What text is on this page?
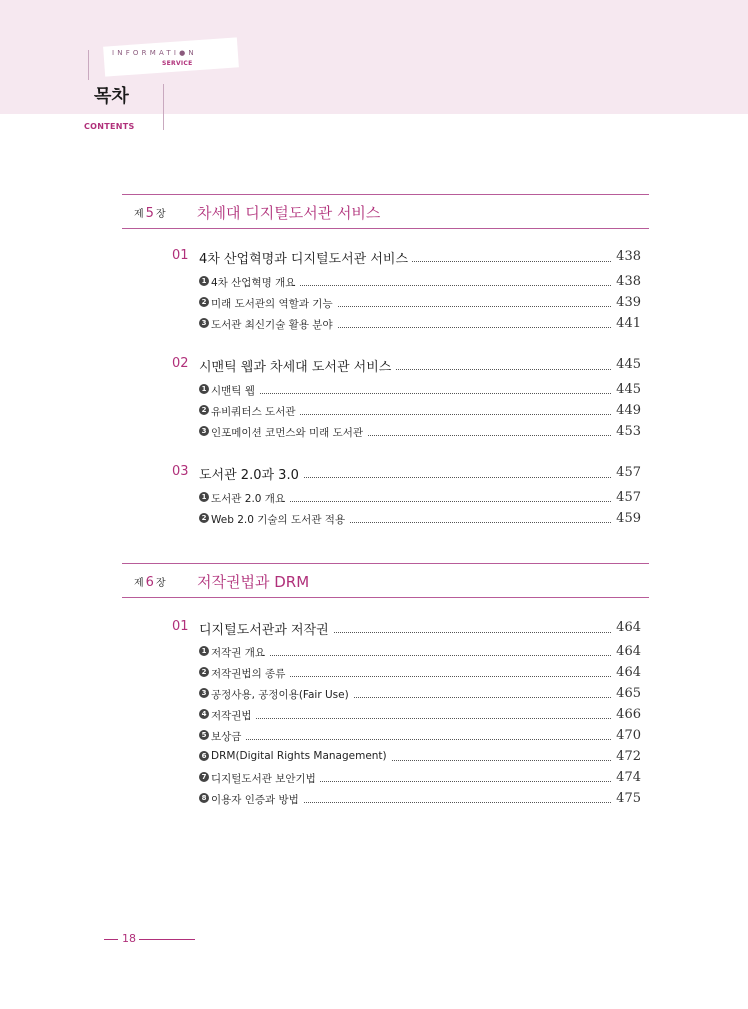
INFORMATI●N
SERVICE
목차
CONTENTS
제 5 장 차세대 디지털도서관 서비스
01 4차 산업혁명과 디지털도서관 서비스	438
1 4차 산업혁명 개요	438
2 미래 도서관의 역할과 기능	439
3 도서관 최신기술 활용 분야	441
02 시맨틱 웹과 차세대 도서관 서비스	445
1 시맨틱 웹	445
2 유비쿼터스 도서관	449
3 인포메이션 코먼스와 미래 도서관	453
03 도서관 2.0과 3.0	457
1 도서관 2.0 개요	457
2 Web 2.0 기술의 도서관 적용	459
제 6 장 저작권법과 DRM
01 디지털도서관과 저작권	464
1 저작권 개요	464
2 저작권법의 종류	464
3 공정사용, 공정이용(Fair Use)	465
4 저작권법	466
5 보상금	470
6 DRM(Digital Rights Management)	472
7 디지털도서관 보안기법	474
8 이용자 인증과 방법	475
18
